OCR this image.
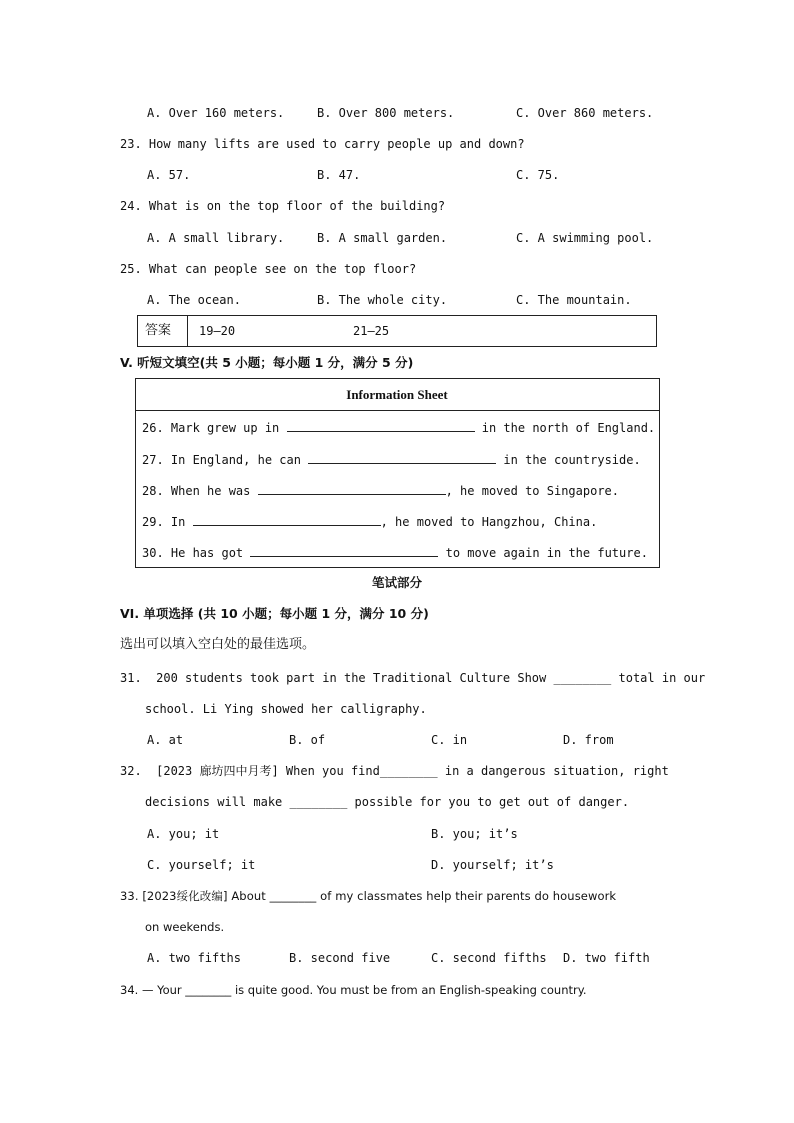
A. Over 160 meters.	B. Over 800 meters.	C. Over 860 meters.
23. How many lifts are used to carry people up and down?
A. 57.	B. 47.	C. 75.
24. What is on the top floor of the building?
A. A small library.	B. A small garden.	C. A swimming pool.
25. What can people see on the top floor?
A. The ocean.	B. The whole city.	C. The mountain.
答案 19—20	21—25
V. 听短文填空(共 5 小题；每小题 1 分，满分 5 分)
Information Sheet
26. Mark grew up in	in the north of England.
27. In England, he can	in the countryside.
28. When he was	, he moved to Singapore.
29. In	, he moved to Hangzhou, China.
30. He has got	to move again in the future.
笔试部分
VI. 单项选择 (共 10 小题；每小题 1 分，满分 10 分)
选出可以填入空白处的最佳选项。
31.  200 students took part in the Traditional Culture Show ________ total in our
school. Li Ying showed her calligraphy.
A. at	B. of	C. in	D. from
32.  [2023 廊坊四中月考] When you find________ in a dangerous situation, right
decisions will make ________ possible for you to get out of danger.
A. you; it	B. you; it’s
C. yourself; it	D. yourself; it’s
33. [2023绥化改编] About ________ of my classmates help their parents do housework
on weekends.
A. two fifths	B. second five	C. second fifths D. two fifth
34. — Your ________ is quite good. You must be from an English-speaking country.
